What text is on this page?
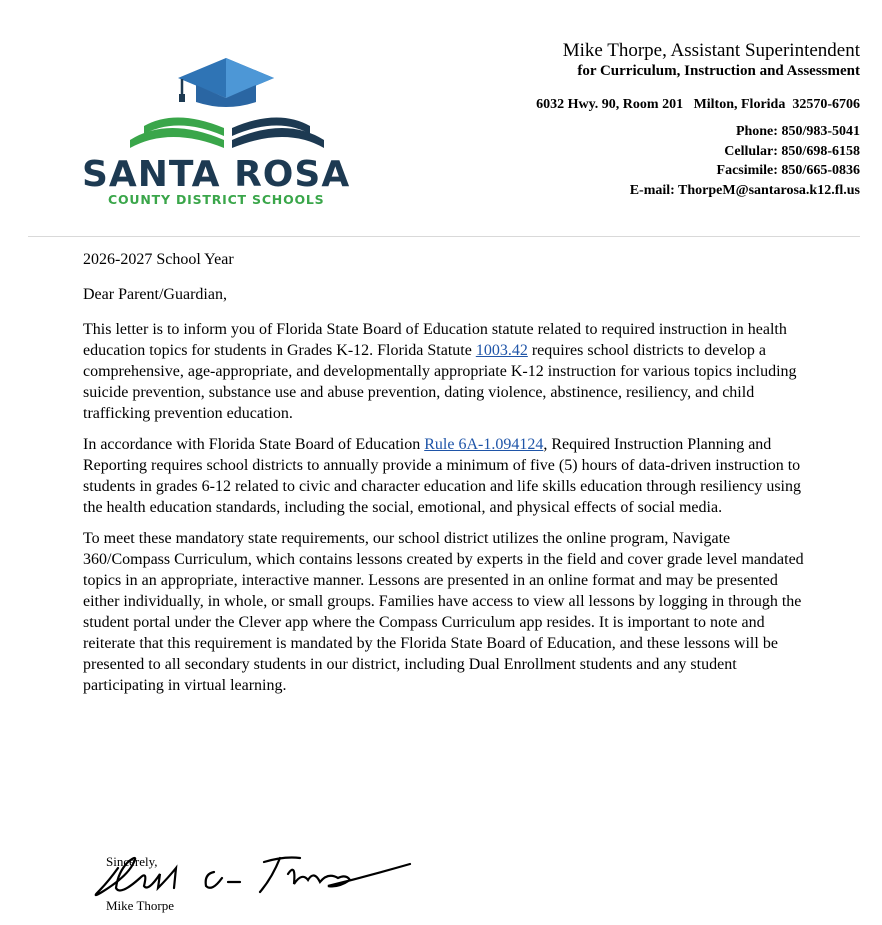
SANTA ROSA
COUNTY DISTRICT SCHOOLS
Mike Thorpe, Assistant Superintendent
for Curriculum, Instruction and Assessment
6032 Hwy. 90, Room 201   Milton, Florida  32570-6706
Phone: 850/983-5041
Cellular: 850/698-6158
Facsimile: 850/665-0836
E-mail: ThorpeM@santarosa.k12.fl.us

2026-2027 School Year

Dear Parent/Guardian,

This letter is to inform you of Florida State Board of Education statute related to required instruction in health education topics for students in Grades K-12. Florida Statute 1003.42 requires school districts to develop a comprehensive, age-appropriate, and developmentally appropriate K-12 instruction for various topics including suicide prevention, substance use and abuse prevention, dating violence, abstinence, resiliency, and child trafficking prevention education.

In accordance with Florida State Board of Education Rule 6A-1.094124, Required Instruction Planning and Reporting requires school districts to annually provide a minimum of five (5) hours of data-driven instruction to students in grades 6-12 related to civic and character education and life skills education through resiliency using the health education standards, including the social, emotional, and physical effects of social media.

To meet these mandatory state requirements, our school district utilizes the online program, Navigate 360/Compass Curriculum, which contains lessons created by experts in the field and cover grade level mandated topics in an appropriate, interactive manner. Lessons are presented in an online format and may be presented either individually, in whole, or small groups. Families have access to view all lessons by logging in through the student portal under the Clever app where the Compass Curriculum app resides. It is important to note and reiterate that this requirement is mandated by the Florida State Board of Education, and these lessons will be presented to all secondary students in our district, including Dual Enrollment students and any student participating in virtual learning.

Sincerely,
Mike Thorpe
